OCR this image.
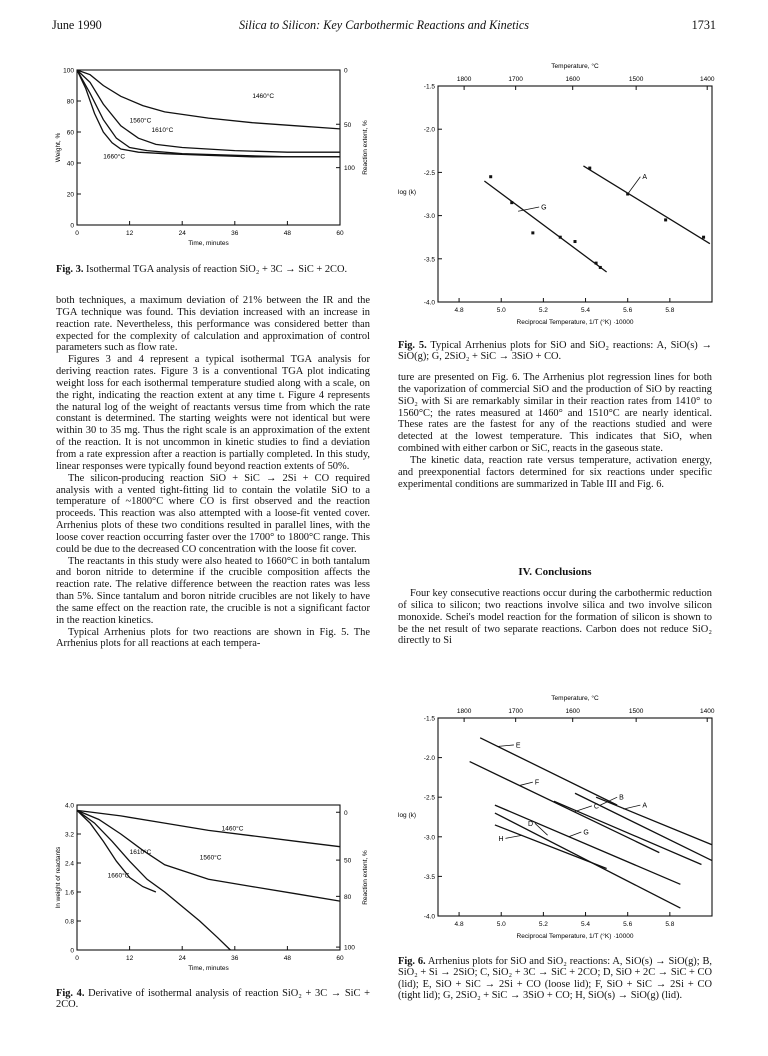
June 1990	Silica to Silicon: Key Carbothermic Reactions and Kinetics	1731
0	12	24	36	48	60
0
20
40
60
80
100	0
50
100
Time, minutes
Weight, %	Reaction extent, %
1460°C
1560°C
1610°C
1660°C
Fig. 3. Isothermal TGA analysis of reaction SiO₂ + 3C → SiC + 2CO.

both techniques, a maximum deviation of 21% between the IR and the TGA technique was found. This deviation increased with an increase in reaction rate. Nevertheless, this performance was considered better than expected for the complexity of calculation and approximation of control parameters such as flow rate.

Figures 3 and 4 represent a typical isothermal TGA analysis for deriving reaction rates. Figure 3 is a conventional TGA plot indicating weight loss for each isothermal temperature studied along with a scale, on the right, indicating the reaction extent at any time t. Figure 4 represents the natural log of the weight of reactants versus time from which the rate constant is determined. The starting weights were not identical but were within 30 to 35 mg. Thus the right scale is an approximation of the extent of the reaction. It is not uncommon in kinetic studies to find a deviation from a rate expression after a reaction is partially completed. In this study, linear responses were typically found beyond reaction extents of 50%.

The silicon-producing reaction SiO + SiC → 2Si + CO required analysis with a vented tight-fitting lid to contain the volatile SiO to a temperature of ~1800°C where CO is first observed and the reaction proceeds. This reaction was also attempted with a loose-fit vented cover. Arrhenius plots of these two conditions resulted in parallel lines, with the loose cover reaction occurring faster over the 1700° to 1800°C range. This could be due to the decreased CO concentration with the loose fit cover.

The reactants in this study were also heated to 1660°C in both tantalum and boron nitride to determine if the crucible composition affects the reaction rate. The relative difference between the reaction rates was less than 5%. Since tantalum and boron nitride crucibles are not likely to have the same effect on the reaction rate, the crucible is not a significant factor in the reaction kinetics.

Typical Arrhenius plots for two reactions are shown in Fig. 5. The Arrhenius plots for all reactions at each tempera-

0	12	24	36	48	60
0
0.8
1.6
2.4
3.2
4.0
0
50
80
100
Time, minutes
ln weight of reactants	Reaction extent, %
1460°C
1560°C
1610°C
1660°C
Fig. 4. Derivative of isothermal analysis of reaction SiO₂ + 3C → SiC + 2CO.
Temperature, °C
1800	1700	1600	1500	1400
4.8	5.0	5.2	5.4	5.6	5.8
-1.5
-2.0
-2.5
-3.0
-3.5
-4.0
Reciprocal Temperature, 1/T (°K) ·10000
log (k)
A
G
Fig. 5. Typical Arrhenius plots for SiO and SiO₂ reactions: A, SiO(s) → SiO(g); G, 2SiO₂ + SiC → 3SiO + CO.

ture are presented on Fig. 6. The Arrhenius plot regression lines for both the vaporization of commercial SiO and the production of SiO by reacting SiO₂ with Si are remarkably similar in their reaction rates from 1410° to 1560°C; the rates measured at 1460° and 1510°C are nearly identical. These rates are the fastest for any of the reactions studied and were detected at the lowest temperature. This indicates that SiO, when combined with either carbon or SiC, reacts in the gaseous state.

The kinetic data, reaction rate versus temperature, activation energy, and preexponential factors determined for six reactions under specific experimental conditions are summarized in Table III and Fig. 6.

IV. Conclusions

Four key consecutive reactions occur during the carbothermic reduction of silica to silicon; two reactions involve silica and two involve silicon monoxide. Schei's model reaction for the formation of silicon is shown to be the net result of two separate reactions. Carbon does not reduce SiO₂ directly to Si

Temperature, °C
1800	1700	1600	1500	1400
4.8	5.0	5.2	5.4	5.6	5.8
-1.5
-2.0
-2.5
-3.0
-3.5
-4.0
Reciprocal Temperature, 1/T (°K) ·10000
log (k)
A
B
C
D
E
F
G
H
Fig. 6. Arrhenius plots for SiO and SiO₂ reactions: A, SiO(s) → SiO(g); B, SiO₂ + Si → 2SiO; C, SiO₂ + 3C → SiC + 2CO; D, SiO + 2C → SiC + CO (lid); E, SiO + SiC → 2Si + CO (loose lid); F, SiO + SiC → 2Si + CO (tight lid); G, 2SiO₂ + SiC → 3SiO + CO; H, SiO(s) → SiO(g) (lid).
